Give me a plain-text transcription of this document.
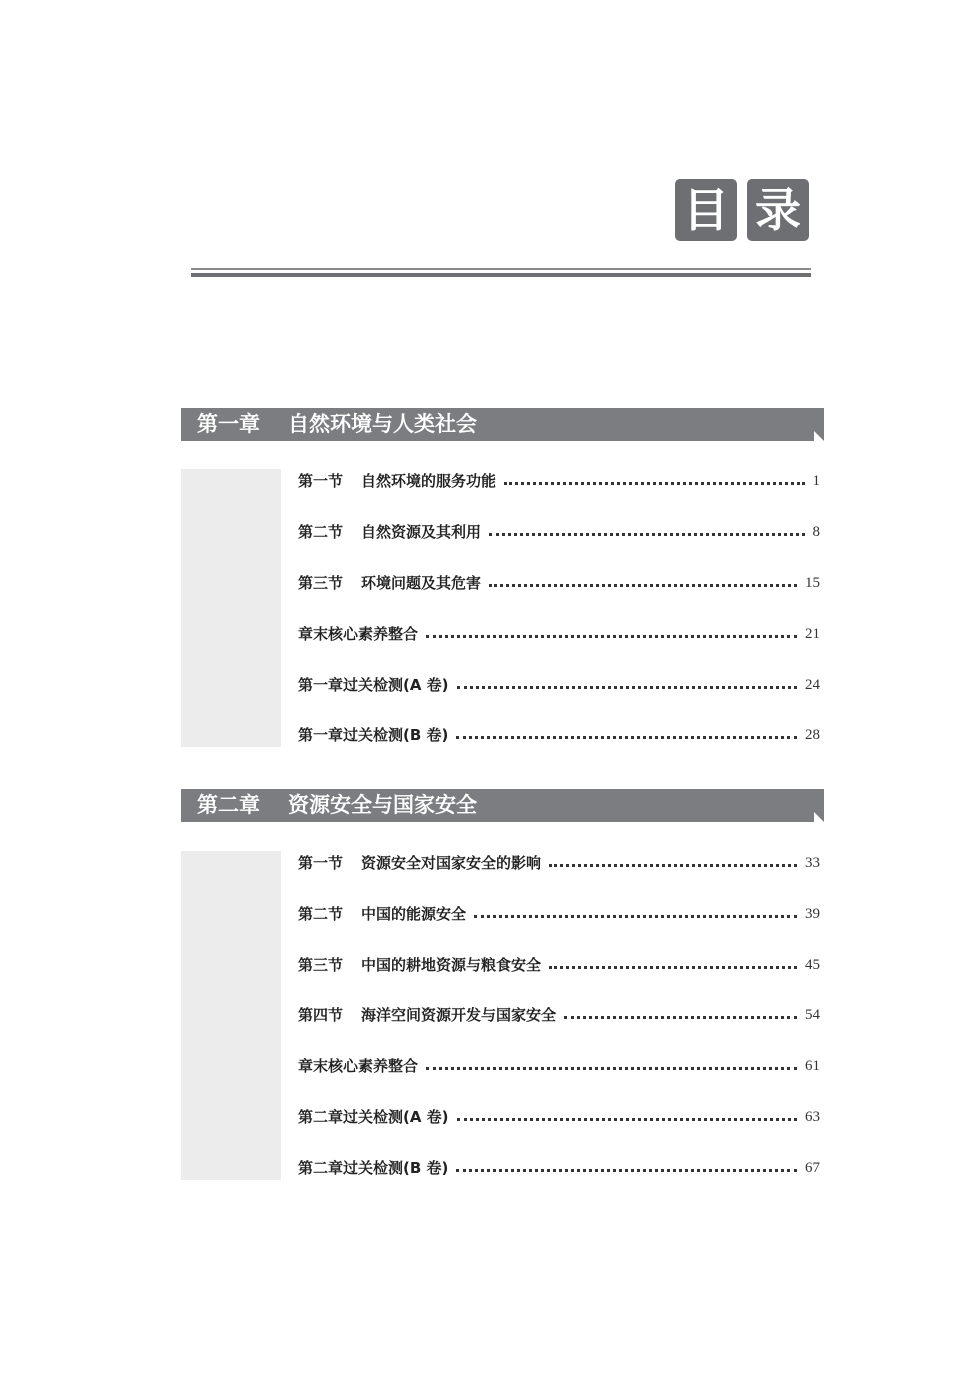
目 录
第一章 自然环境与人类社会
第一节 自然环境的服务功能	1
第二节 自然资源及其利用	8
第三节 环境问题及其危害	15
章末核心素养整合	21
第一章过关检测(A 卷)	24
第一章过关检测(B 卷)	28
第二章 资源安全与国家安全
第一节 资源安全对国家安全的影响	33
第二节 中国的能源安全	39
第三节 中国的耕地资源与粮食安全	45
第四节 海洋空间资源开发与国家安全	54
章末核心素养整合	61
第二章过关检测(A 卷)	63
第二章过关检测(B 卷)	67
